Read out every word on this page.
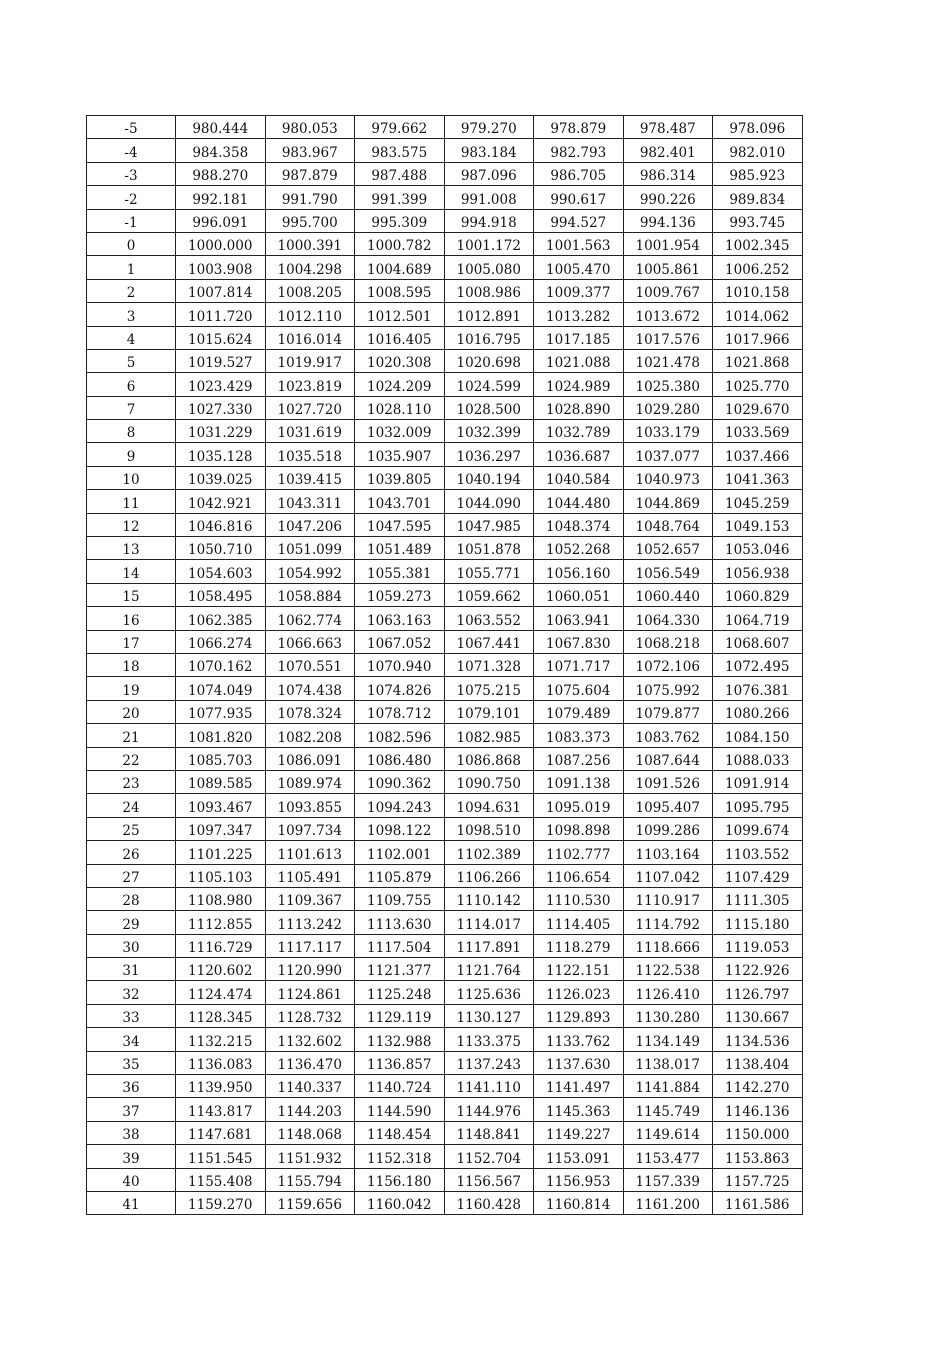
-5	980.444	980.053	979.662	979.270	978.879	978.487	978.096
-4	984.358	983.967	983.575	983.184	982.793	982.401	982.010
-3	988.270	987.879	987.488	987.096	986.705	986.314	985.923
-2	992.181	991.790	991.399	991.008	990.617	990.226	989.834
-1	996.091	995.700	995.309	994.918	994.527	994.136	993.745
0	1000.000	1000.391	1000.782	1001.172	1001.563	1001.954	1002.345
1	1003.908	1004.298	1004.689	1005.080	1005.470	1005.861	1006.252
2	1007.814	1008.205	1008.595	1008.986	1009.377	1009.767	1010.158
3	1011.720	1012.110	1012.501	1012.891	1013.282	1013.672	1014.062
4	1015.624	1016.014	1016.405	1016.795	1017.185	1017.576	1017.966
5	1019.527	1019.917	1020.308	1020.698	1021.088	1021.478	1021.868
6	1023.429	1023.819	1024.209	1024.599	1024.989	1025.380	1025.770
7	1027.330	1027.720	1028.110	1028.500	1028.890	1029.280	1029.670
8	1031.229	1031.619	1032.009	1032.399	1032.789	1033.179	1033.569
9	1035.128	1035.518	1035.907	1036.297	1036.687	1037.077	1037.466
10	1039.025	1039.415	1039.805	1040.194	1040.584	1040.973	1041.363
11	1042.921	1043.311	1043.701	1044.090	1044.480	1044.869	1045.259
12	1046.816	1047.206	1047.595	1047.985	1048.374	1048.764	1049.153
13	1050.710	1051.099	1051.489	1051.878	1052.268	1052.657	1053.046
14	1054.603	1054.992	1055.381	1055.771	1056.160	1056.549	1056.938
15	1058.495	1058.884	1059.273	1059.662	1060.051	1060.440	1060.829
16	1062.385	1062.774	1063.163	1063.552	1063.941	1064.330	1064.719
17	1066.274	1066.663	1067.052	1067.441	1067.830	1068.218	1068.607
18	1070.162	1070.551	1070.940	1071.328	1071.717	1072.106	1072.495
19	1074.049	1074.438	1074.826	1075.215	1075.604	1075.992	1076.381
20	1077.935	1078.324	1078.712	1079.101	1079.489	1079.877	1080.266
21	1081.820	1082.208	1082.596	1082.985	1083.373	1083.762	1084.150
22	1085.703	1086.091	1086.480	1086.868	1087.256	1087.644	1088.033
23	1089.585	1089.974	1090.362	1090.750	1091.138	1091.526	1091.914
24	1093.467	1093.855	1094.243	1094.631	1095.019	1095.407	1095.795
25	1097.347	1097.734	1098.122	1098.510	1098.898	1099.286	1099.674
26	1101.225	1101.613	1102.001	1102.389	1102.777	1103.164	1103.552
27	1105.103	1105.491	1105.879	1106.266	1106.654	1107.042	1107.429
28	1108.980	1109.367	1109.755	1110.142	1110.530	1110.917	1111.305
29	1112.855	1113.242	1113.630	1114.017	1114.405	1114.792	1115.180
30	1116.729	1117.117	1117.504	1117.891	1118.279	1118.666	1119.053
31	1120.602	1120.990	1121.377	1121.764	1122.151	1122.538	1122.926
32	1124.474	1124.861	1125.248	1125.636	1126.023	1126.410	1126.797
33	1128.345	1128.732	1129.119	1130.127	1129.893	1130.280	1130.667
34	1132.215	1132.602	1132.988	1133.375	1133.762	1134.149	1134.536
35	1136.083	1136.470	1136.857	1137.243	1137.630	1138.017	1138.404
36	1139.950	1140.337	1140.724	1141.110	1141.497	1141.884	1142.270
37	1143.817	1144.203	1144.590	1144.976	1145.363	1145.749	1146.136
38	1147.681	1148.068	1148.454	1148.841	1149.227	1149.614	1150.000
39	1151.545	1151.932	1152.318	1152.704	1153.091	1153.477	1153.863
40	1155.408	1155.794	1156.180	1156.567	1156.953	1157.339	1157.725
41	1159.270	1159.656	1160.042	1160.428	1160.814	1161.200	1161.586
